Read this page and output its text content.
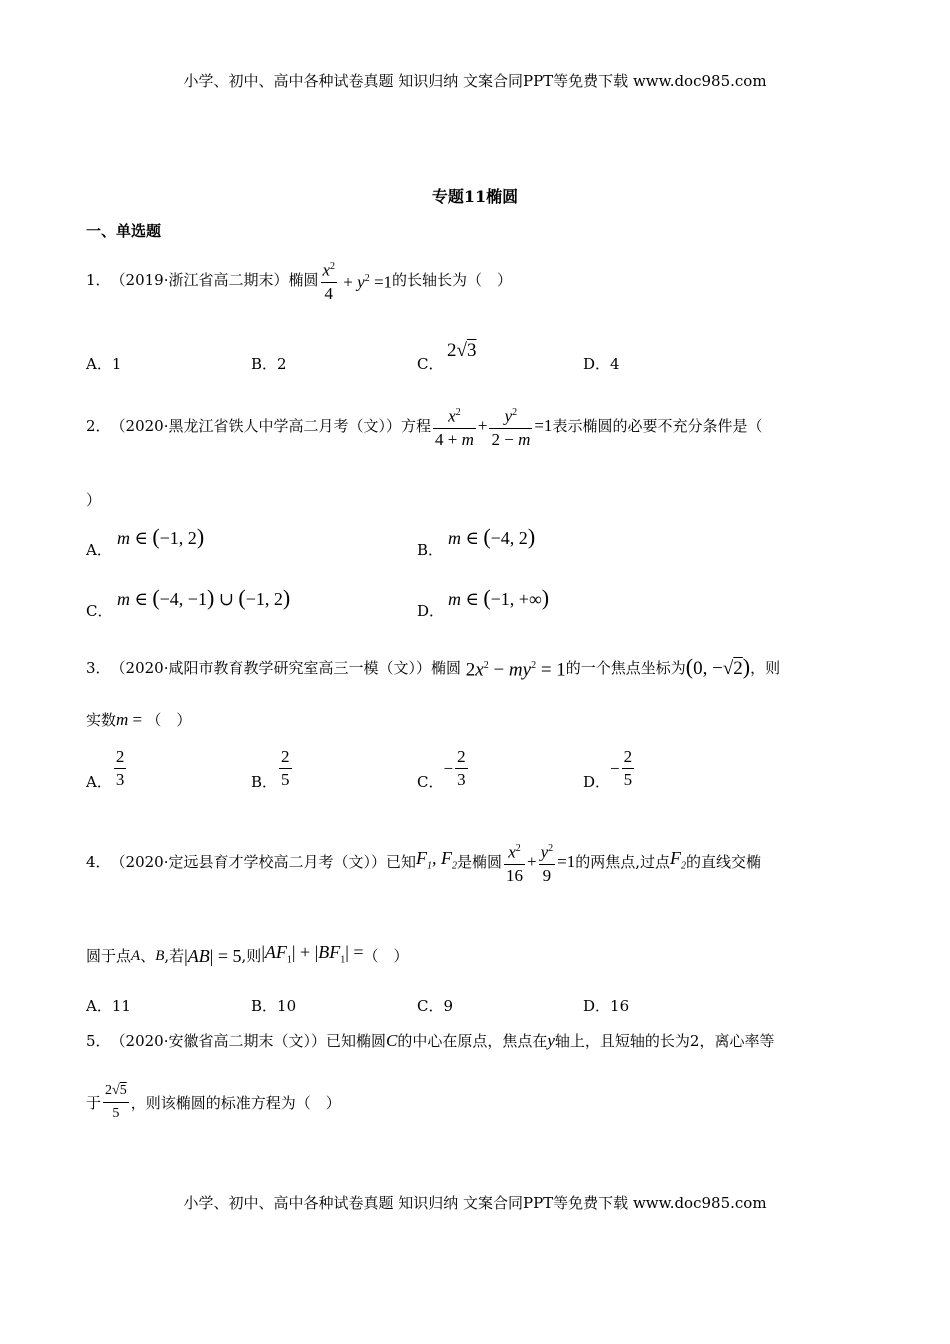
小学、初中、高中各种试卷真题 知识归纳 文案合同PPT等免费下载 www.doc985.com
专题11椭圆
一、单选题
1． （2019·浙江省高二期末）椭圆 $\frac{x^2}{4} + y^2 =1$ 的长轴长为（　）
A．1	B．2	C．
2√3
D．4
2． （2020·黑龙江省铁人中学高二月考（文））方程 $\frac{x^2}{4 + m} + \frac{y^2}{2 - m} =1$ 表示椭圆的必要不充分条件是（
）
A．
m ∈ (−1, 2)
B．
m ∈ (−4, 2)
C．
m ∈ (−4, −1) ∪ (−1, 2)
D．
m ∈ (−1, +∞)
3． （2020·咸阳市教育教学研究室高三一模（文））椭圆 $2x^2 - my^2 = 1$ 的一个焦点坐标为 (0, −√2) ，则
实数 m = （　）
A． $\frac{2}{3}$	B． $\frac{2}{5}$	C．
− $\frac{2}{3}$	D．
− $\frac{2}{5}$
4． （2020·定远县育才学校高二月考（文））已知 $F_1$, $F_2$ 是椭圆 $\frac{x^2}{16} + \frac{y^2}{9} =1$ 的两焦点,过点 $F_2$ 的直线交椭
圆于点 A 、 B ,若 |AB| = 5 ,则 $|AF_1| + |BF_1|$ = （　）
A．11	B．10	C．9	D．16
5． （2020·安徽省高二期末（文））已知椭圆 C 的中心在原点，焦点在 y 轴上，且短轴的长为2，离心率等
于 $\frac{2√5}{5}$ ，则该椭圆的标准方程为（　）
小学、初中、高中各种试卷真题 知识归纳 文案合同PPT等免费下载 www.doc985.com
